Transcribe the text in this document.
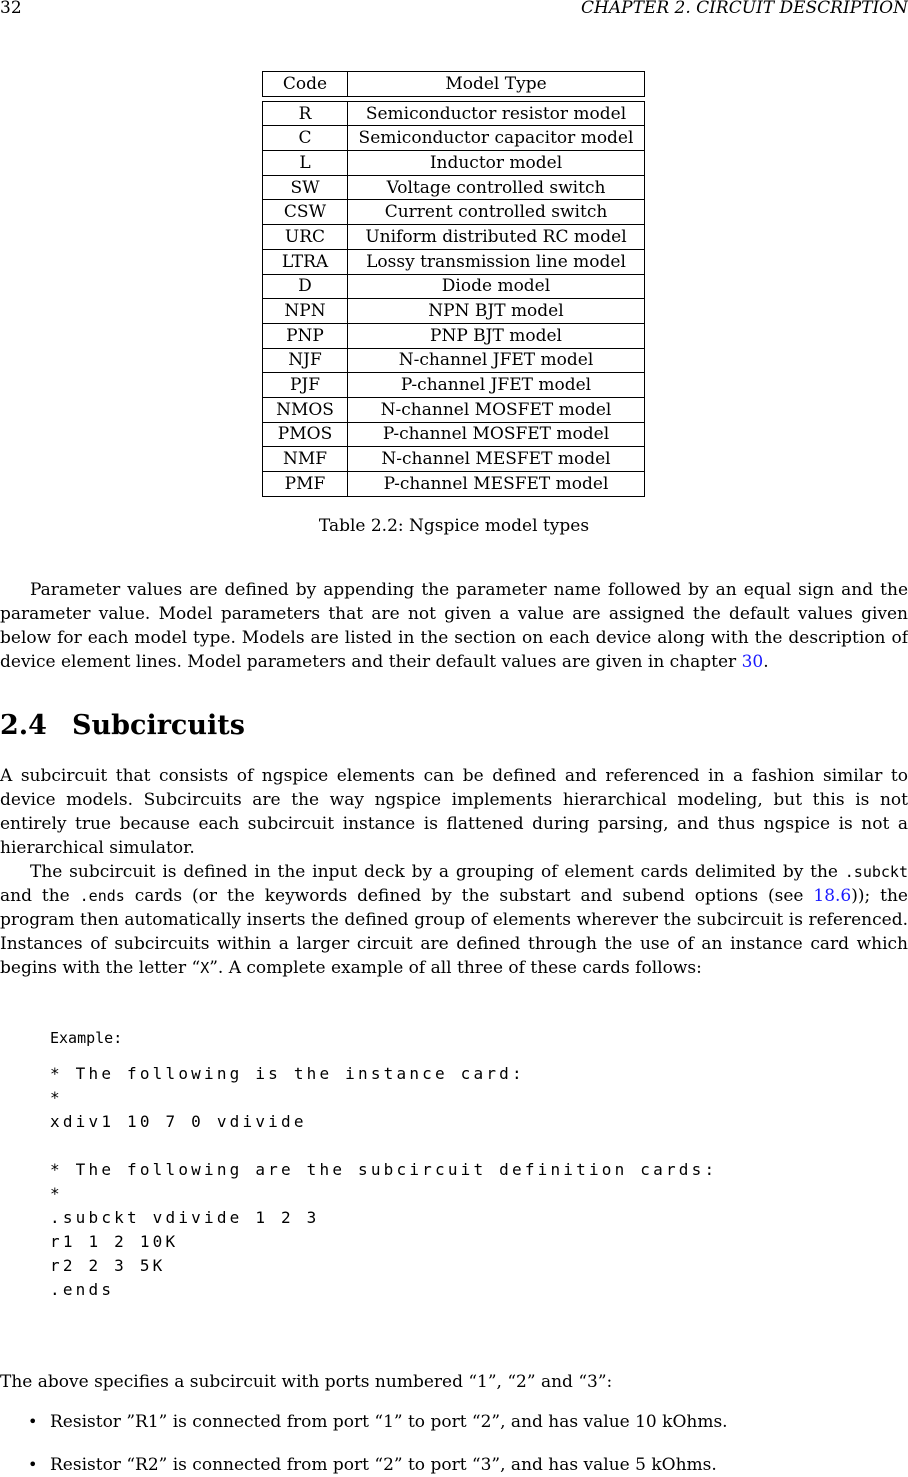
32	CHAPTER 2. CIRCUIT DESCRIPTION
Code	Model Type

R	Semiconductor resistor model
C	Semiconductor capacitor model
L	Inductor model
SW	Voltage controlled switch
CSW	Current controlled switch
URC	Uniform distributed RC model
LTRA	Lossy transmission line model
D	Diode model
NPN	NPN BJT model
PNP	PNP BJT model
NJF	N-channel JFET model
PJF	P-channel JFET model
NMOS	N-channel MOSFET model
PMOS	P-channel MOSFET model
NMF	N-channel MESFET model
PMF	P-channel MESFET model
Table 2.2: Ngspice model types
Parameter values are defined by appending the parameter name followed by an equal sign and the parameter value. Model parameters that are not given a value are assigned the default values given below for each model type. Models are listed in the section on each device along with the description of device element lines. Model parameters and their default values are given in chapter 30.
2.4 Subcircuits
A subcircuit that consists of ngspice elements can be defined and referenced in a fashion similar to device models. Subcircuits are the way ngspice implements hierarchical modeling, but this is not entirely true because each subcircuit instance is flattened during parsing, and thus ngspice is not a hierarchical simulator.
The subcircuit is defined in the input deck by a grouping of element cards delimited by the .subckt and the .ends cards (or the keywords defined by the substart and subend options (see 18.6)); the program then automatically inserts the defined group of elements wherever the subcircuit is referenced. Instances of subcircuits within a larger circuit are defined through the use of an instance card which begins with the letter “X”. A complete example of all three of these cards follows:
Example:
* The following is the instance card:
*
xdiv1 10 7 0 vdivide

* The following are the subcircuit definition cards:
*
.subckt vdivide 1 2 3
r1 1 2 10K
r2 2 3 5K
.ends
The above specifies a subcircuit with ports numbered “1”, “2” and “3”:
• Resistor ”R1” is connected from port “1” to port “2”, and has value 10 kOhms.
• Resistor “R2” is connected from port “2” to port “3”, and has value 5 kOhms.
